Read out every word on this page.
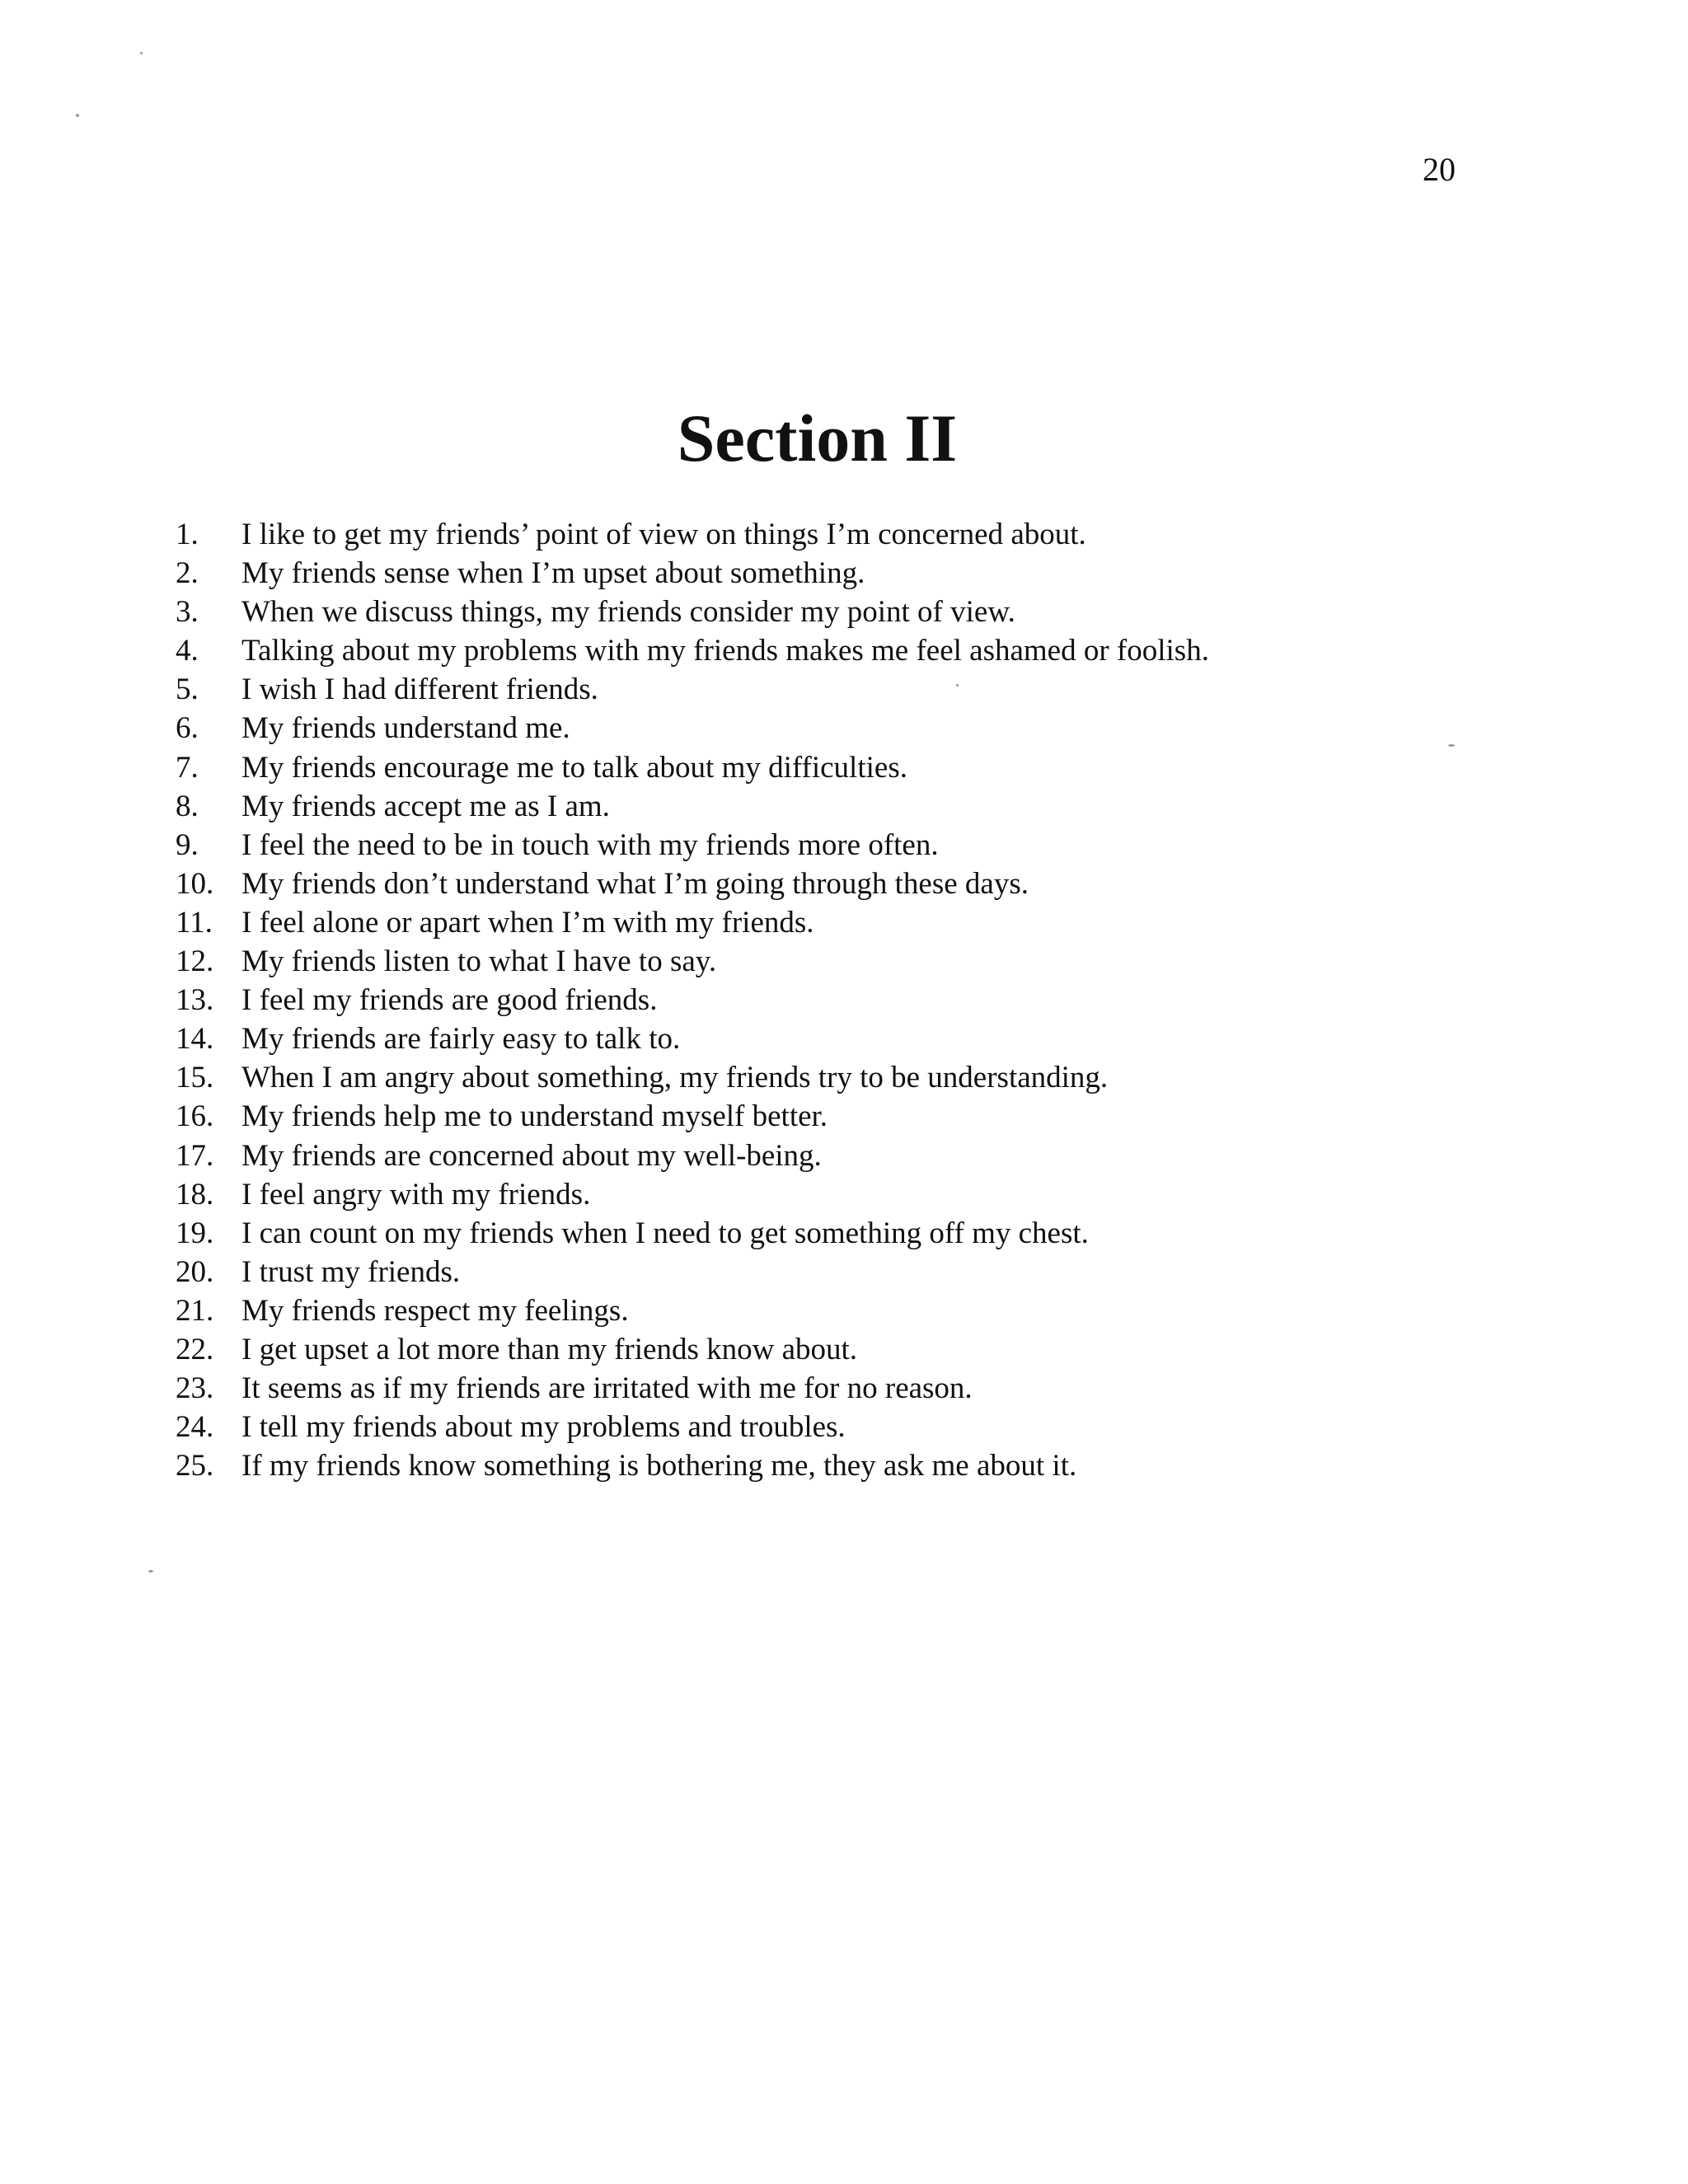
20
Section II
1.	I like to get my friends’ point of view on things I’m concerned about.
2.	My friends sense when I’m upset about something.
3.	When we discuss things, my friends consider my point of view.
4.	Talking about my problems with my friends makes me feel ashamed or foolish.
5.	I wish I had different friends.
6.	My friends understand me.
7.	My friends encourage me to talk about my difficulties.
8.	My friends accept me as I am.
9.	I feel the need to be in touch with my friends more often.
10. My friends don’t understand what I’m going through these days.
11. I feel alone or apart when I’m with my friends.
12. My friends listen to what I have to say.
13. I feel my friends are good friends.
14. My friends are fairly easy to talk to.
15. When I am angry about something, my friends try to be understanding.
16. My friends help me to understand myself better.
17. My friends are concerned about my well-being.
18. I feel angry with my friends.
19. I can count on my friends when I need to get something off my chest.
20. I trust my friends.
21. My friends respect my feelings.
22. I get upset a lot more than my friends know about.
23. It seems as if my friends are irritated with me for no reason.
24. I tell my friends about my problems and troubles.
25. If my friends know something is bothering me, they ask me about it.
